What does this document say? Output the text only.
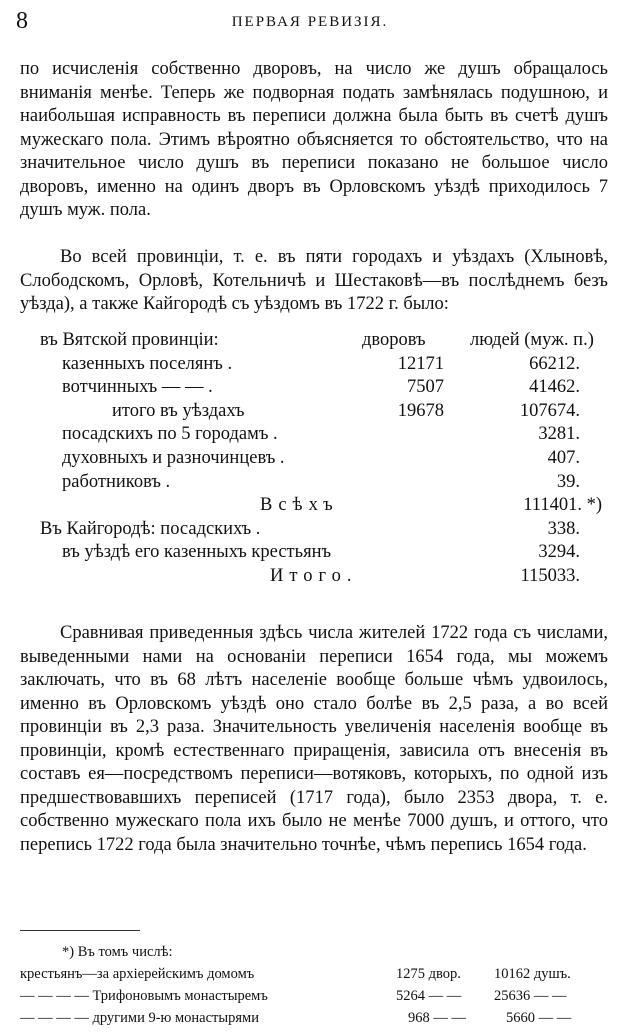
8	ПЕРВАЯ РЕВИЗІЯ.

по исчисленія собственно дворовъ, на число же душъ обращалось вниманія менѣе. Теперь же подворная подать замѣнялась подушною, и наибольшая исправность въ переписи должна была быть въ счетѣ душъ мужескаго пола. Этимъ вѣроятно объясняется то обстоятельство, что на значительное число душъ въ переписи показано не большое число дворовъ, именно на одинъ дворъ въ Орловскомъ уѣздѣ приходилось 7 душъ муж. пола.

Во всей провинціи, т. е. въ пяти городахъ и уѣздахъ (Хлыновѣ, Слободскомъ, Орловѣ, Котельничѣ и Шестаковѣ—въ послѣднемъ безъ уѣзда), а также Кайгородѣ съ уѣздомъ въ 1722 г. было:

въ Вятской провинціи:	дворовъ людей (муж. п.)
казенныхъ поселянъ .	12171	66212.
вотчинныхъ — — .	7507	41462.
итого въ уѣздахъ	19678	107674.
посадскихъ по 5 городамъ .	3281.
духовныхъ и разночинцевъ .	407.
работниковъ .	39.
Всѣхъ	111401. *)
Въ Кайгородѣ: посадскихъ .	338.
въ уѣздѣ его казенныхъ крестьянъ	3294.
Итого.	115033.

Сравнивая приведенныя здѣсь числа жителей 1722 года съ числами, выведенными нами на основаніи переписи 1654 года, мы можемъ заключать, что въ 68 лѣтъ населеніе вообще больше чѣмъ удвоилось, именно въ Орловскомъ уѣздѣ оно стало болѣе въ 2,5 раза, а во всей провинціи въ 2,3 раза. Значительность увеличенія населенія вообще въ провинціи, кромѣ естественнаго приращенія, зависила отъ внесенія въ составъ ея—посредствомъ переписи—вотяковъ, которыхъ, по одной изъ предшествовавшихъ переписей (1717 года), было 2353 двора, т. е. собственно мужескаго пола ихъ было не менѣе 7000 душъ, и оттого, что перепись 1722 года была значительно точнѣе, чѣмъ перепись 1654 года.

*) Въ томъ числѣ:
крестьянъ—за архіерейскимъ домомъ	1275 двор. 10162 душъ.
— — — — Трифоновымъ монастыремъ	5264 — — 25636 — —
— — — — другими 9-ю монастырями	968 — —	5660 — —
